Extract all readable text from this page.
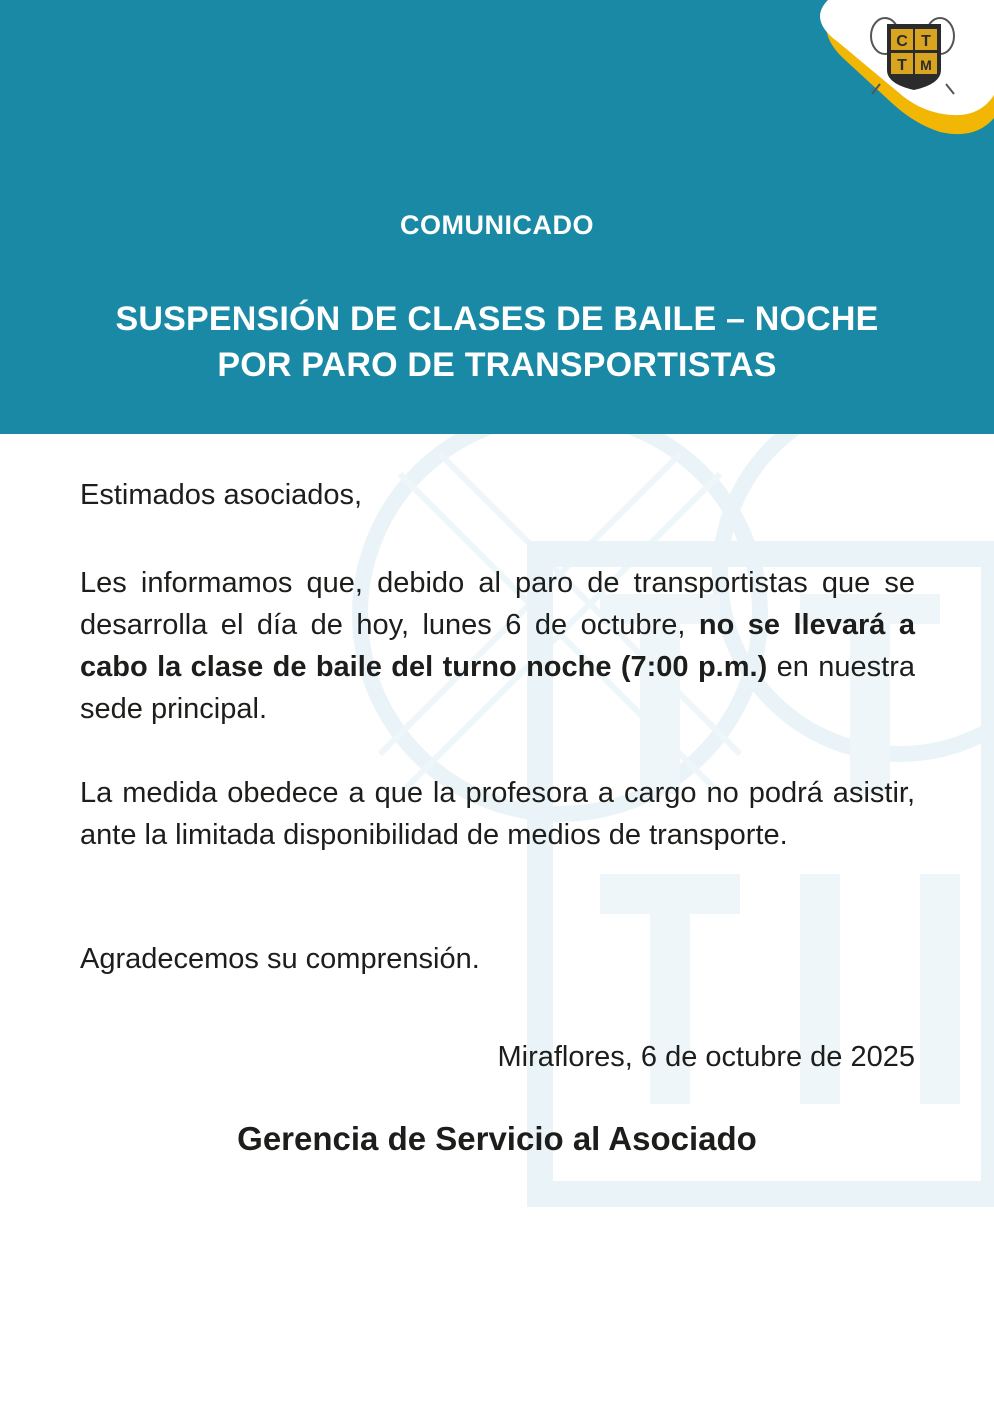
C T
T M
COMUNICADO
SUSPENSIÓN DE CLASES DE BAILE – NOCHE
POR PARO DE TRANSPORTISTAS

Estimados asociados,

Les informamos que, debido al paro de transportistas que se desarrolla el día de hoy, lunes 6 de octubre, no se llevará a cabo la clase de baile del turno noche (7:00 p.m.) en nuestra sede principal.

La medida obedece a que la profesora a cargo no podrá asistir, ante la limitada disponibilidad de medios de transporte.

Agradecemos su comprensión.

Miraflores, 6 de octubre de 2025

Gerencia de Servicio al Asociado
